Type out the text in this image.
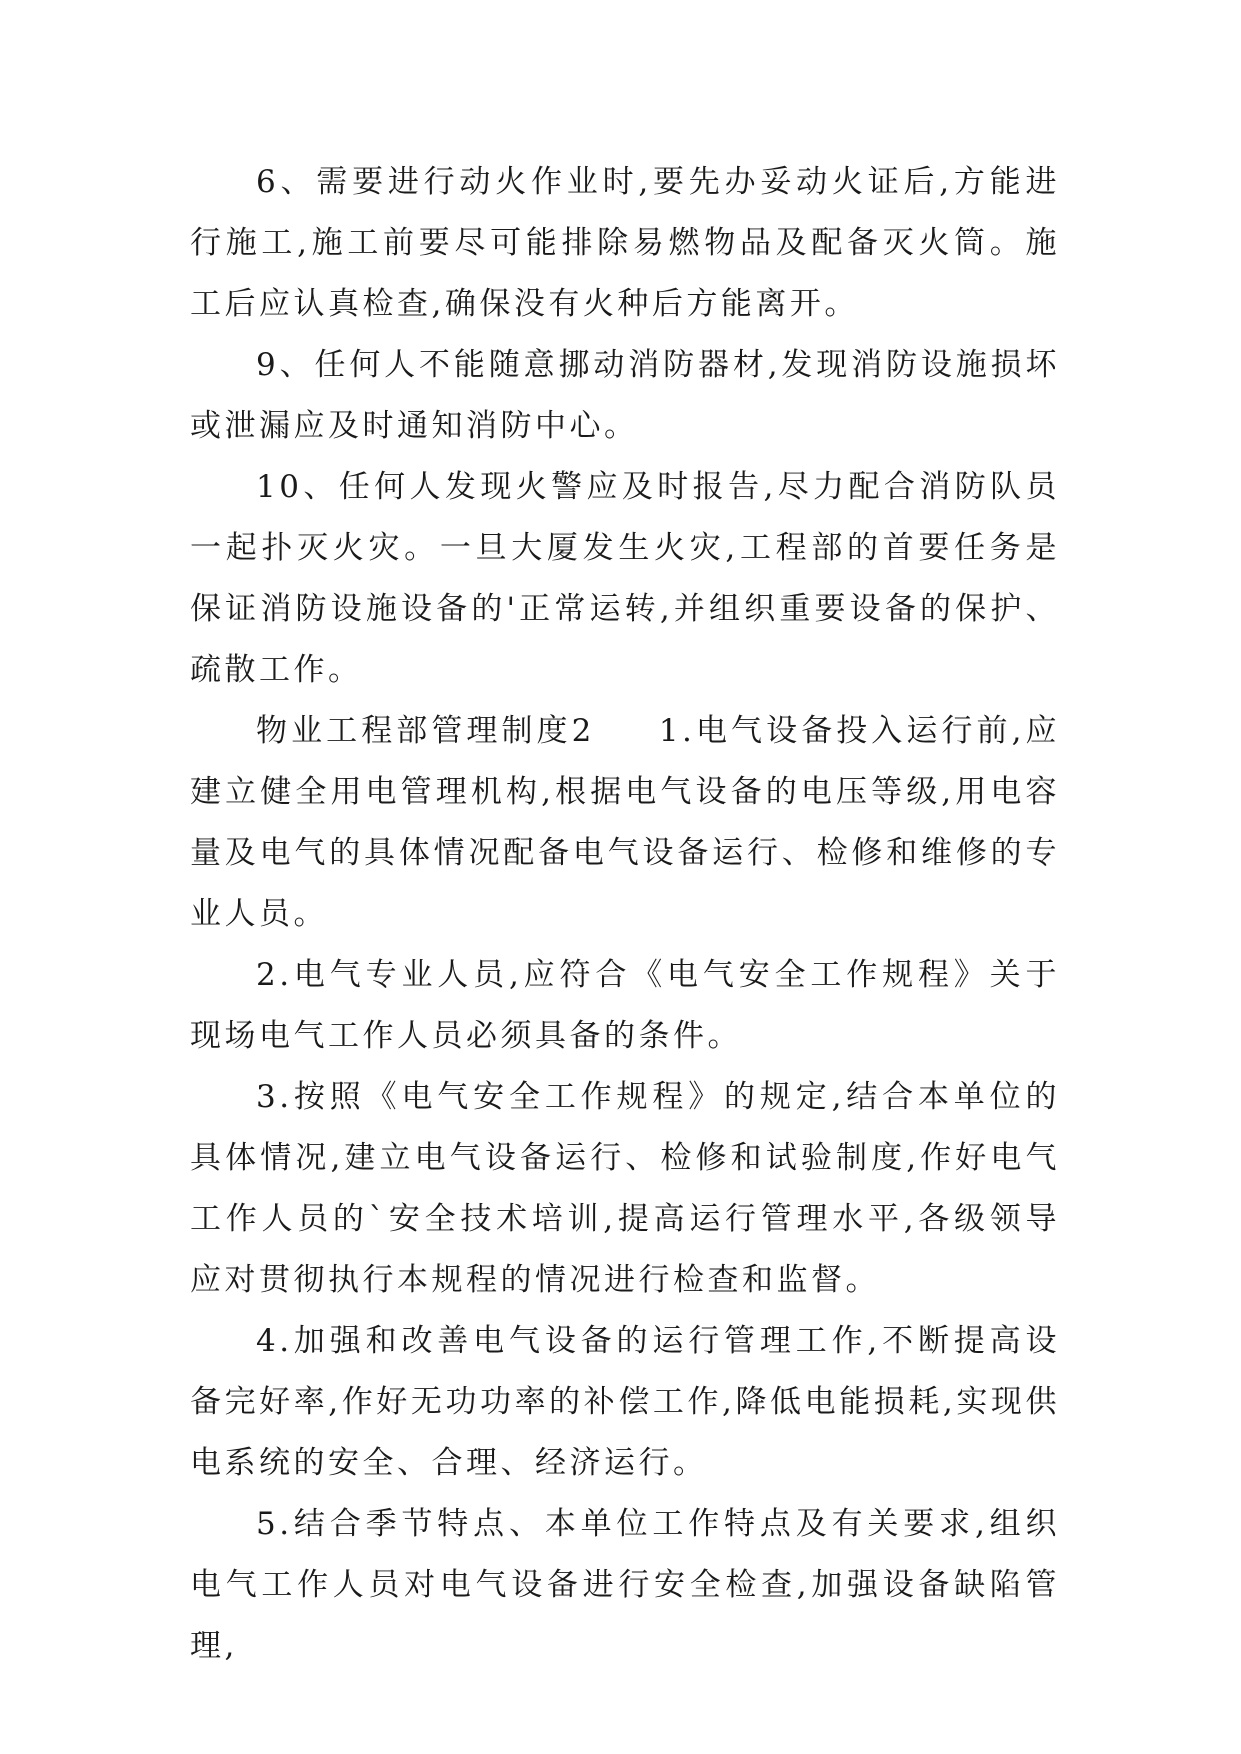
6、需要进行动火作业时,要先办妥动火证后,方能进行施工,施工前要尽可能排除易燃物品及配备灭火筒。施工后应认真检查,确保没有火种后方能离开。

9、任何人不能随意挪动消防器材,发现消防设施损坏或泄漏应及时通知消防中心。

10、任何人发现火警应及时报告,尽力配合消防队员一起扑灭火灾。一旦大厦发生火灾,工程部的首要任务是保证消防设施设备的'正常运转,并组织重要设备的保护、疏散工作。

物业工程部管理制度2 1.电气设备投入运行前,应建立健全用电管理机构,根据电气设备的电压等级,用电容量及电气的具体情况配备电气设备运行、检修和维修的专业人员。

2.电气专业人员,应符合《电气安全工作规程》关于现场电气工作人员必须具备的条件。

3.按照《电气安全工作规程》的规定,结合本单位的具体情况,建立电气设备运行、检修和试验制度,作好电气工作人员的`安全技术培训,提高运行管理水平,各级领导应对贯彻执行本规程的情况进行检查和监督。

4.加强和改善电气设备的运行管理工作,不断提高设备完好率,作好无功功率的补偿工作,降低电能损耗,实现供电系统的安全、合理、经济运行。

5.结合季节特点、本单位工作特点及有关要求,组织电气工作人员对电气设备进行安全检查,加强设备缺陷管理,
